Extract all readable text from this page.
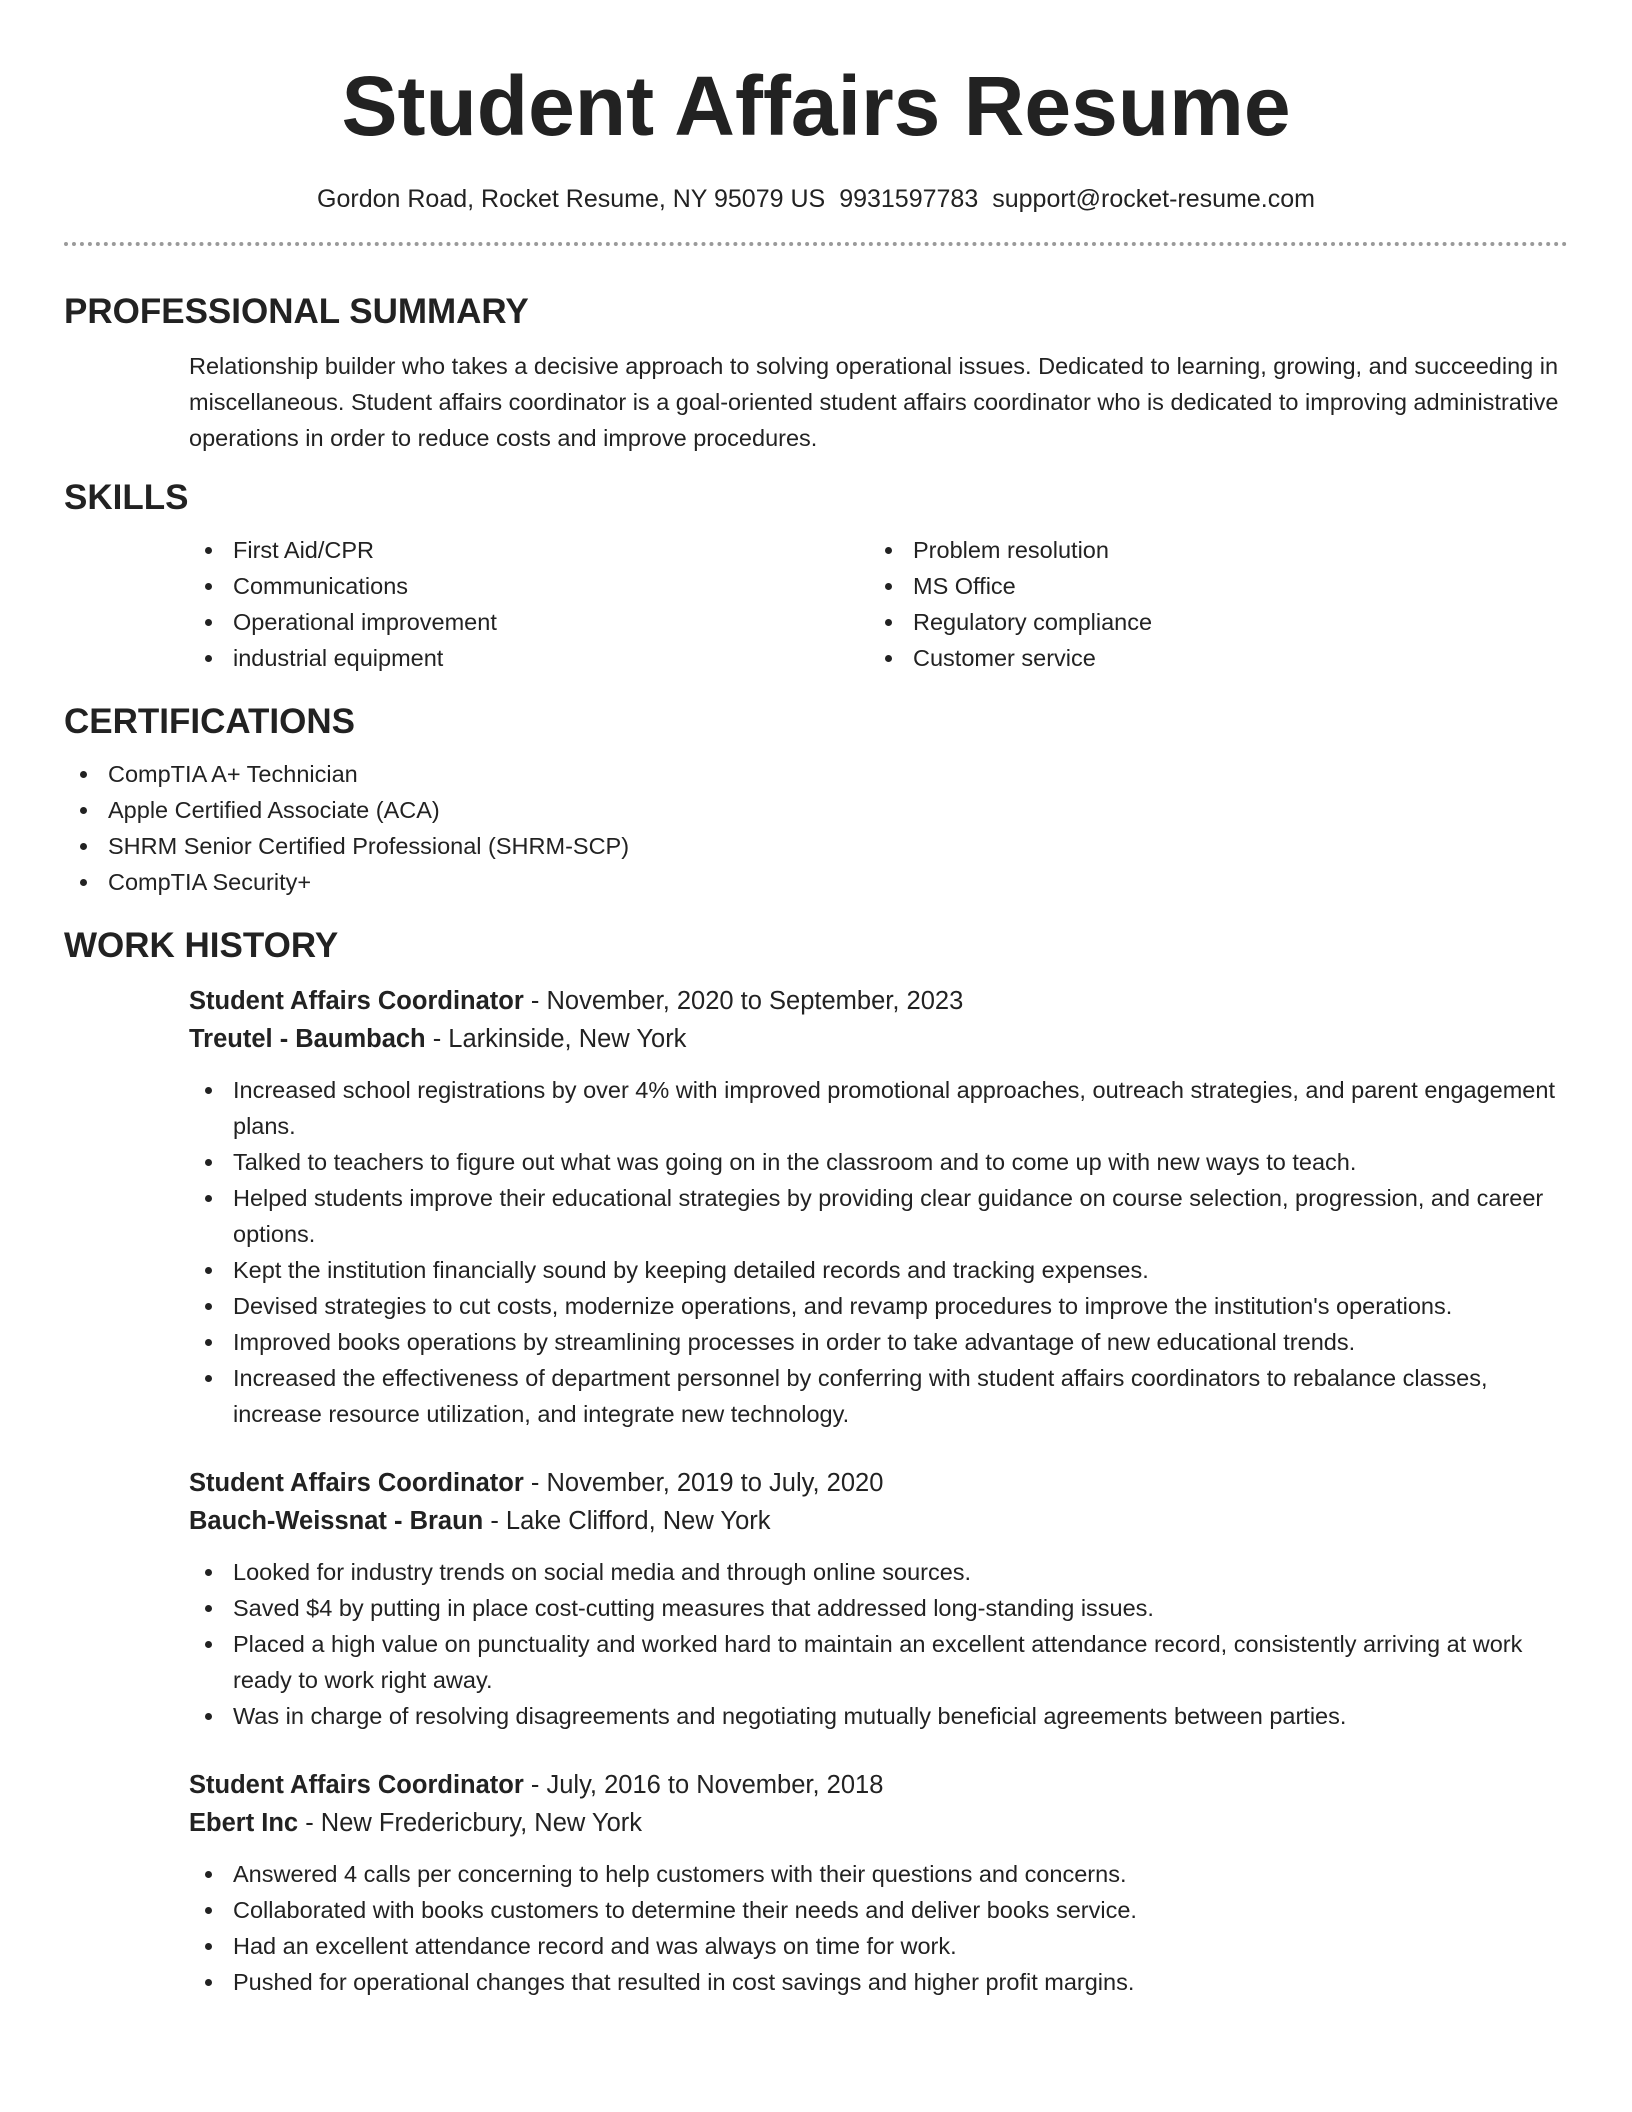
Student Affairs Resume
Gordon Road, Rocket Resume, NY 95079 US 9931597783 support@rocket-resume.com
PROFESSIONAL SUMMARY

Relationship builder who takes a decisive approach to solving operational issues. Dedicated to learning, growing, and succeeding in miscellaneous. Student affairs coordinator is a goal-oriented student affairs coordinator who is dedicated to improving administrative operations in order to reduce costs and improve procedures.

SKILLS
First Aid/CPR
Communications
Operational improvement
industrial equipment
Problem resolution
MS Office
Regulatory compliance
Customer service
CERTIFICATIONS
CompTIA A+ Technician
Apple Certified Associate (ACA)
SHRM Senior Certified Professional (SHRM-SCP)
CompTIA Security+
WORK HISTORY
Student Affairs Coordinator - November, 2020 to September, 2023
Treutel - Baumbach - Larkinside, New York
Increased school registrations by over 4% with improved promotional approaches, outreach strategies, and parent engagement plans.
Talked to teachers to figure out what was going on in the classroom and to come up with new ways to teach.
Helped students improve their educational strategies by providing clear guidance on course selection, progression, and career options.
Kept the institution financially sound by keeping detailed records and tracking expenses.
Devised strategies to cut costs, modernize operations, and revamp procedures to improve the institution's operations.
Improved books operations by streamlining processes in order to take advantage of new educational trends.
Increased the effectiveness of department personnel by conferring with student affairs coordinators to rebalance classes, increase resource utilization, and integrate new technology.
Student Affairs Coordinator - November, 2019 to July, 2020
Bauch-Weissnat - Braun - Lake Clifford, New York
Looked for industry trends on social media and through online sources.
Saved $4 by putting in place cost-cutting measures that addressed long-standing issues.
Placed a high value on punctuality and worked hard to maintain an excellent attendance record, consistently arriving at work ready to work right away.
Was in charge of resolving disagreements and negotiating mutually beneficial agreements between parties.
Student Affairs Coordinator - July, 2016 to November, 2018
Ebert Inc - New Fredericbury, New York
Answered 4 calls per concerning to help customers with their questions and concerns.
Collaborated with books customers to determine their needs and deliver books service.
Had an excellent attendance record and was always on time for work.
Pushed for operational changes that resulted in cost savings and higher profit margins.
